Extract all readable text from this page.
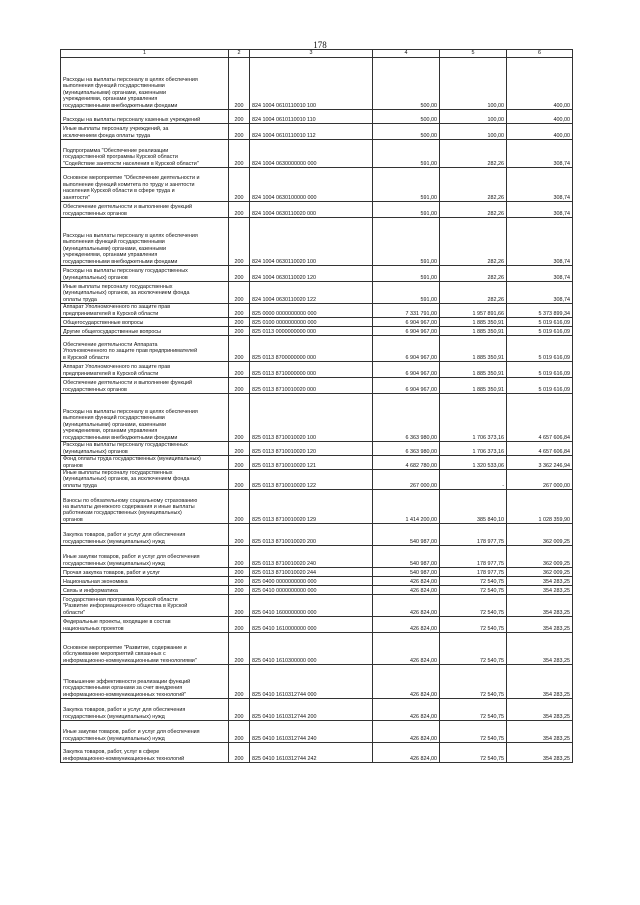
178
1	2	3	4	5	6
Расходы на выплаты персоналу в целях обеспечения
выполнения функций государственными
(муниципальными) органами, казенными
учреждениями, органами управления
государственными внебюджетными фондами	200	824 1004 0610110010 100	500,00	100,00	400,00
Расходы на выплаты персоналу казенных учреждений	200	824 1004 0610110010 110	500,00	100,00	400,00
Иные выплаты персоналу учреждений, за
исключением фонда оплаты труда	200	824 1004 0610110010 112	500,00	100,00	400,00
Подпрограмма "Обеспечение реализации
государственной программы Курской области
"Содействие занятости населения в Курской области"	200	824 1004 0630000000 000	591,00	282,26	308,74
Основное мероприятие "Обеспечение деятельности и
выполнение функций комитета по труду и занятости
населения Курской области в сфере труда и
занятости"	200	824 1004 0630100000 000	591,00	282,26	308,74
Обеспечение деятельности и выполнение функций
государственных органов	200	824 1004 0630110020 000	591,00	282,26	308,74
Расходы на выплаты персоналу в целях обеспечения
выполнения функций государственными
(муниципальными) органами, казенными
учреждениями, органами управления
государственными внебюджетными фондами	200	824 1004 0630110020 100	591,00	282,26	308,74
Расходы на выплаты персоналу государственных
(муниципальных) органов	200	824 1004 0630110020 120	591,00	282,26	308,74
Иные выплаты персоналу государственных
(муниципальных) органов, за исключением фонда
оплаты труда	200	824 1004 0630110020 122	591,00	282,26	308,74
Аппарат Уполномоченного по защите прав
предпринимателей в Курской области	200	825 0000 0000000000 000	7 331 791,00	1 957 891,66	5 373 899,34
Общегосударственные вопросы	200	825 0100 0000000000 000	6 904 967,00	1 885 350,91	5 019 616,09
Другие общегосударственные вопросы	200	825 0113 0000000000 000	6 904 967,00	1 885 350,91	5 019 616,09
Обеспечение деятельности Аппарата
Уполномоченного по защите прав предпринимателей
в Курской области	200	825 0113 8700000000 000	6 904 967,00	1 885 350,91	5 019 616,09
Аппарат Уполномоченного по защите прав
предпринимателей в Курской области	200	825 0113 8710000000 000	6 904 967,00	1 885 350,91	5 019 616,09
Обеспечение деятельности и выполнение функций
государственных органов	200	825 0113 8710010020 000	6 904 967,00	1 885 350,91	5 019 616,09
Расходы на выплаты персоналу в целях обеспечения
выполнения функций государственными
(муниципальными) органами, казенными
учреждениями, органами управления
государственными внебюджетными фондами	200	825 0113 8710010020 100	6 363 980,00	1 706 373,16	4 657 606,84
Расходы на выплаты персоналу государственных
(муниципальных) органов	200	825 0113 8710010020 120	6 363 980,00	1 706 373,16	4 657 606,84
Фонд оплаты труда государственных (муниципальных)
органов	200	825 0113 8710010020 121	4 682 780,00	1 320 533,06	3 362 246,94
Иные выплаты персоналу государственных
(муниципальных) органов, за исключением фонда
оплаты труда	200	825 0113 8710010020 122	267 000,00	-	267 000,00
Взносы по обязательному социальному страхованию
на выплаты денежного содержания и иные выплаты
работникам государственных (муниципальных)
органов	200	825 0113 8710010020 129	1 414 200,00	385 840,10	1 028 359,90
Закупка товаров, работ и услуг для обеспечения
государственных (муниципальных) нужд	200	825 0113 8710010020 200	540 987,00	178 977,75	362 009,25
Иные закупки товаров, работ и услуг для обеспечения
государственных (муниципальных) нужд	200	825 0113 8710010020 240	540 987,00	178 977,75	362 009,25
Прочая закупка товаров, работ и услуг	200	825 0113 8710010020 244	540 987,00	178 977,75	362 009,25
Национальная экономика	200	825 0400 0000000000 000	426 824,00	72 540,75	354 283,25
Связь и информатика	200	825 0410 0000000000 000	426 824,00	72 540,75	354 283,25
Государственная программа Курской области
"Развитие информационного общества в Курской
области"	200	825 0410 1600000000 000	426 824,00	72 540,75	354 283,25
Федеральные проекты, входящие в состав
национальных проектов	200	825 0410 1610000000 000	426 824,00	72 540,75	354 283,25
Основное мероприятие "Развитие, содержание и
обслуживание мероприятий связанных с
информационно-коммуникационными технологиями"	200	825 0410 1610300000 000	426 824,00	72 540,75	354 283,25
"Повышение эффективности реализации функций
государственными органами за счет внедрения
информационно-коммуникационных технологий"	200	825 0410 1610312744 000	426 824,00	72 540,75	354 283,25
Закупка товаров, работ и услуг для обеспечения
государственных (муниципальных) нужд	200	825 0410 1610312744 200	426 824,00	72 540,75	354 283,25
Иные закупки товаров, работ и услуг для обеспечения
государственных (муниципальных) нужд	200	825 0410 1610312744 240	426 824,00	72 540,75	354 283,25
Закупка товаров, работ, услуг в сфере
информационно-коммуникационных технологий	200	825 0410 1610312744 242	426 824,00	72 540,75	354 283,25
